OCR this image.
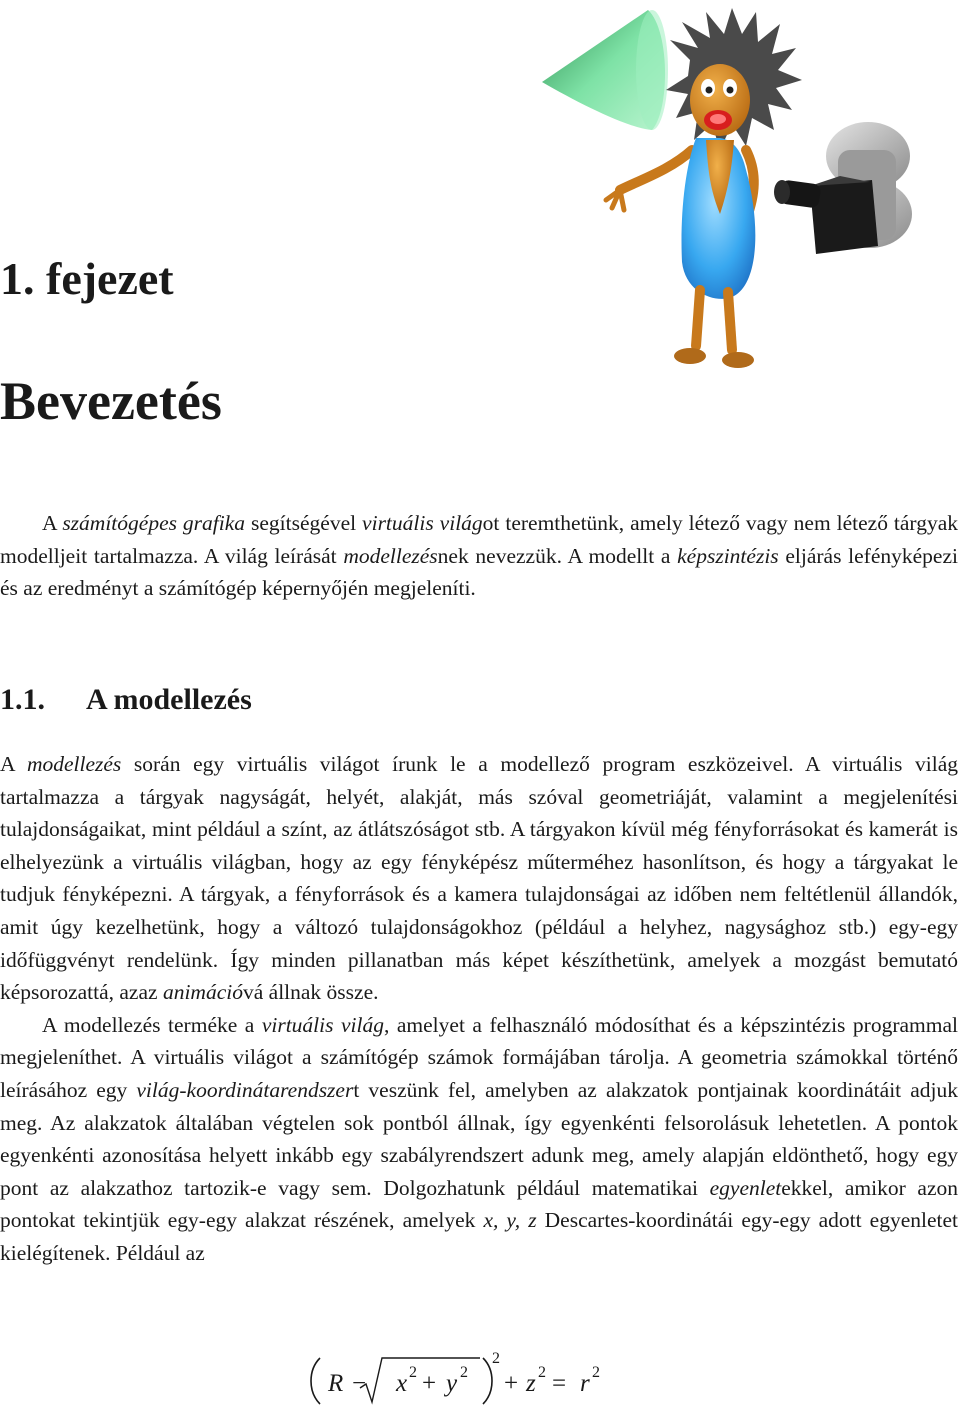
1. fejezet
Bevezetés

A számítógépes grafika segítségével virtuális világot teremthetünk, amely létező vagy nem létező tárgyak modelljeit tartalmazza. A világ leírását modellezésnek nevezzük. A modellt a képszintézis eljárás lefényképezi és az eredményt a számítógép képernyőjén megjeleníti.

1.1. A modellezés

A modellezés során egy virtuális világot írunk le a modellező program eszközeivel. A virtuális világ tartalmazza a tárgyak nagyságát, helyét, alakját, más szóval geometriáját, valamint a megjelenítési tulajdonságaikat, mint például a színt, az átlátszóságot stb. A tárgyakon kívül még fényforrásokat és kamerát is elhelyezünk a virtuális világban, hogy az egy fényképész műterméhez hasonlítson, és hogy a tárgyakat le tudjuk fényképezni. A tárgyak, a fényforrások és a kamera tulajdonságai az időben nem feltétlenül állandók, amit úgy kezelhetünk, hogy a változó tulajdonságokhoz (például a helyhez, nagysághoz stb.) egy-egy időfüggvényt rendelünk. Így minden pillanatban más képet készíthetünk, amelyek a mozgást bemutató képsorozattá, azaz animációvá állnak össze.

A modellezés terméke a virtuális világ, amelyet a felhasználó módosíthat és a képszintézis programmal megjeleníthet. A virtuális világot a számítógép számok formájában tárolja. A geometria számokkal történő leírásához egy világ-koordinátarendszert veszünk fel, amelyben az alakzatok pontjainak koordinátáit adjuk meg. Az alakzatok általában végtelen sok pontból állnak, így egyenkénti felsorolásuk lehetetlen. A pontok egyenkénti azonosítása helyett inkább egy szabályrendszert adunk meg, amely alapján eldönthető, hogy egy pont az alakzathoz tartozik-e vagy sem. Dolgozhatunk például matematikai egyenletekkel, amikor azon pontokat tekintjük egy-egy alakzat részének, amelyek x, y, z Descartes-koordinátái egy-egy adott egyenletet kielégítenek. Például az

R − x 2 + y 2
2
+ z 2 = r 2
